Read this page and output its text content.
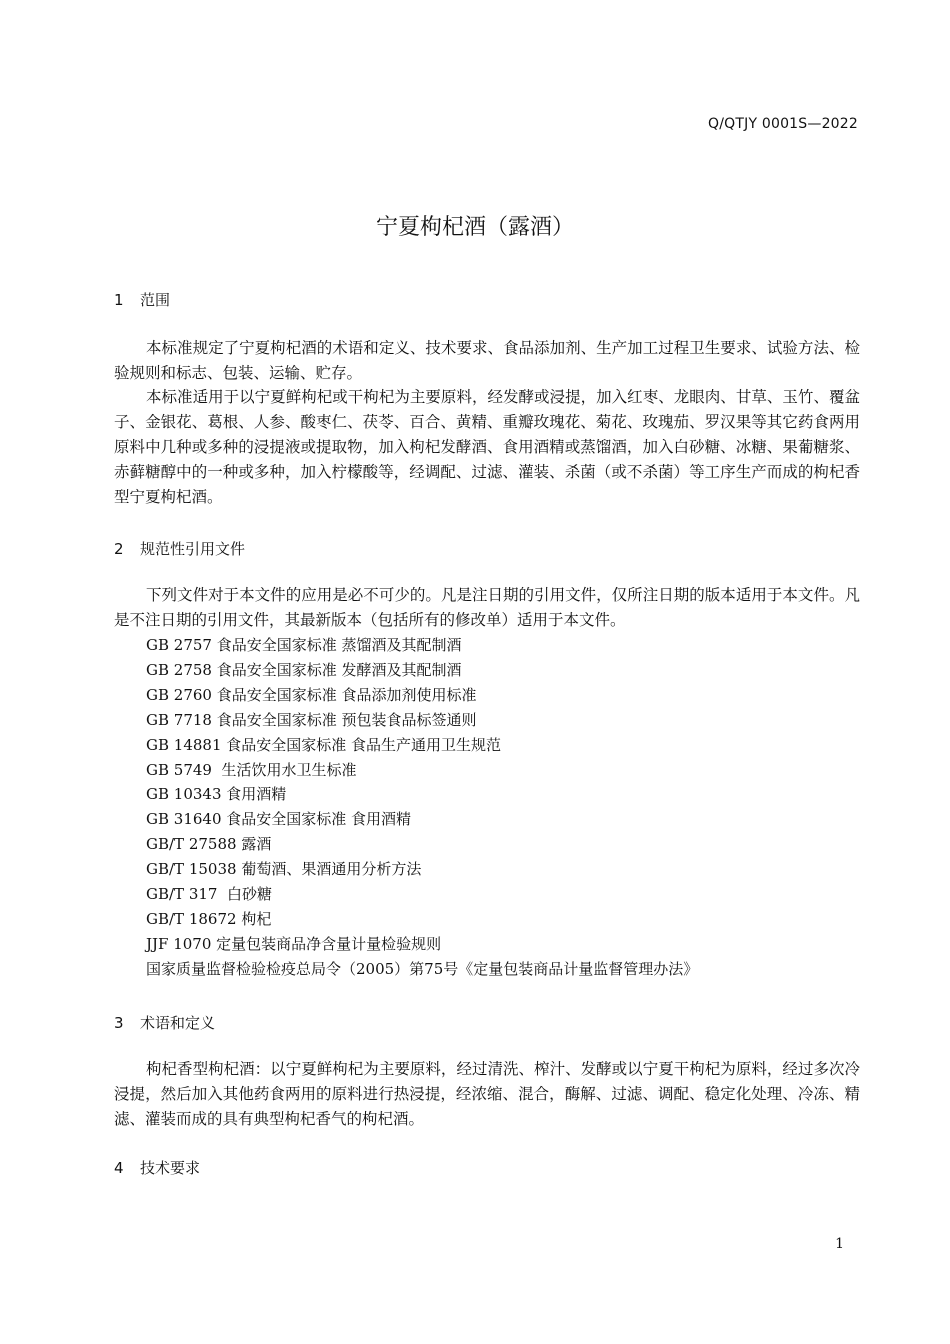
Q/QTJY 0001S—2022
宁夏枸杞酒（露酒）
1 范围

本标准规定了宁夏枸杞酒的术语和定义、技术要求、食品添加剂、生产加工过程卫生要求、试验方法、检验规则和标志、包装、运输、贮存。

本标准适用于以宁夏鲜枸杞或干枸杞为主要原料，经发酵或浸提，加入红枣、龙眼肉、甘草、玉竹、覆盆子、金银花、葛根、人参、酸枣仁、茯苓、百合、黄精、重瓣玫瑰花、菊花、玫瑰茄、罗汉果等其它药食两用原料中几种或多种的浸提液或提取物，加入枸杞发酵酒、食用酒精或蒸馏酒，加入白砂糖、冰糖、果葡糖浆、赤藓糖醇中的一种或多种，加入柠檬酸等，经调配、过滤、灌装、杀菌（或不杀菌）等工序生产而成的枸杞香型宁夏枸杞酒。

2 规范性引用文件

下列文件对于本文件的应用是必不可少的。凡是注日期的引用文件，仅所注日期的版本适用于本文件。凡是不注日期的引用文件，其最新版本（包括所有的修改单）适用于本文件。

GB 2757 食品安全国家标准 蒸馏酒及其配制酒
GB 2758 食品安全国家标准 发酵酒及其配制酒
GB 2760 食品安全国家标准 食品添加剂使用标准
GB 7718 食品安全国家标准 预包装食品标签通则
GB 14881 食品安全国家标准 食品生产通用卫生规范
GB 5749  生活饮用水卫生标准
GB 10343 食用酒精
GB 31640 食品安全国家标准 食用酒精
GB/T 27588 露酒
GB/T 15038 葡萄酒、果酒通用分析方法
GB/T 317  白砂糖
GB/T 18672 枸杞
JJF 1070 定量包装商品净含量计量检验规则
国家质量监督检验检疫总局令（2005）第75号《定量包装商品计量监督管理办法》
3 术语和定义

枸杞香型枸杞酒：以宁夏鲜枸杞为主要原料，经过清洗、榨汁、发酵或以宁夏干枸杞为原料，经过多次冷浸提，然后加入其他药食两用的原料进行热浸提，经浓缩、混合，酶解、过滤、调配、稳定化处理、冷冻、精滤、灌装而成的具有典型枸杞香气的枸杞酒。

4 技术要求
1
